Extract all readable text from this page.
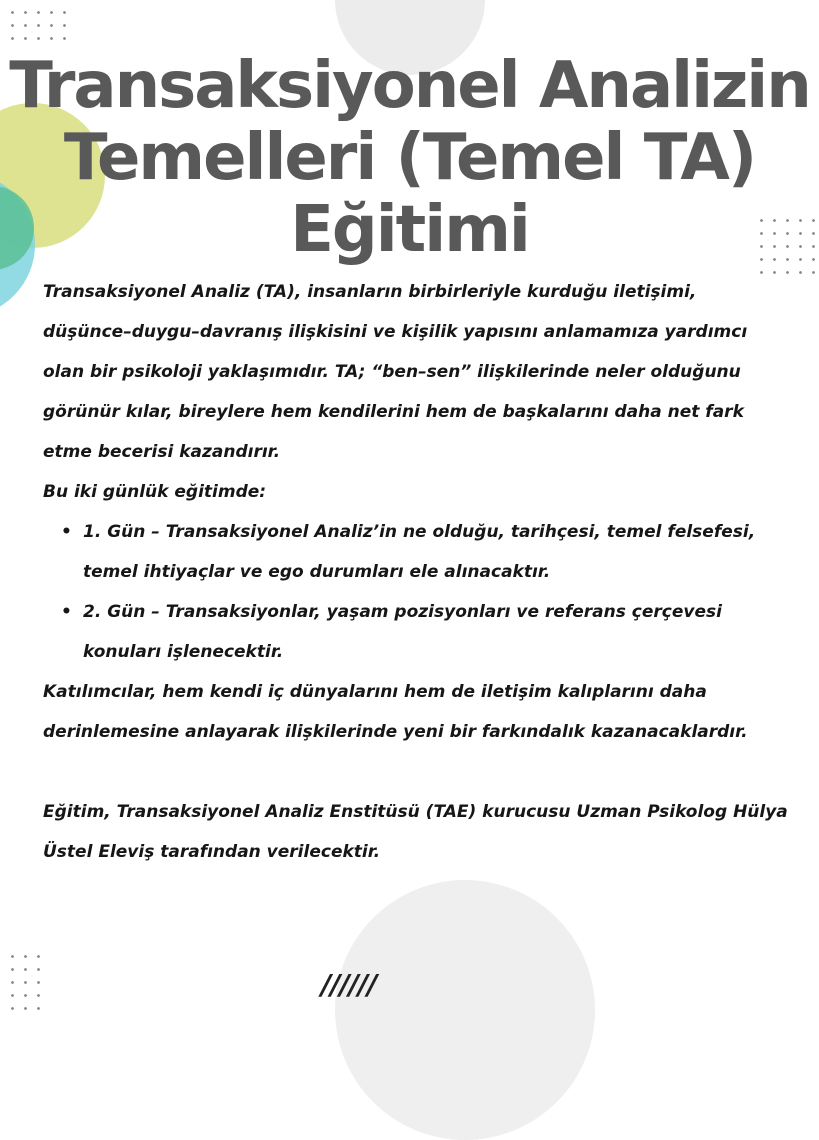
Transaksiyonel Analizin
Temelleri (Temel TA)
Eğitimi

Transaksiyonel Analiz (TA), insanların birbirleriyle kurduğu iletişimi, düşünce–duygu–davranış ilişkisini ve kişilik yapısını anlamamıza yardımcı olan bir psikoloji yaklaşımıdır. TA; “ben–sen” ilişkilerinde neler olduğunu görünür kılar, bireylere hem kendilerini hem de başkalarını daha net fark etme becerisi kazandırır.

Bu iki günlük eğitimde:

• 1. Gün – Transaksiyonel Analiz’in ne olduğu, tarihçesi, temel felsefesi, temel ihtiyaçlar ve ego durumları ele alınacaktır.
• 2. Gün – Transaksiyonlar, yaşam pozisyonları ve referans çerçevesi konuları işlenecektir.

Katılımcılar, hem kendi iç dünyalarını hem de iletişim kalıplarını daha derinlemesine anlayarak ilişkilerinde yeni bir farkındalık kazanacaklardır.

Eğitim, Transaksiyonel Analiz Enstitüsü (TAE) kurucusu Uzman Psikolog Hülya Üstel Eleviş tarafından verilecektir.

//////
